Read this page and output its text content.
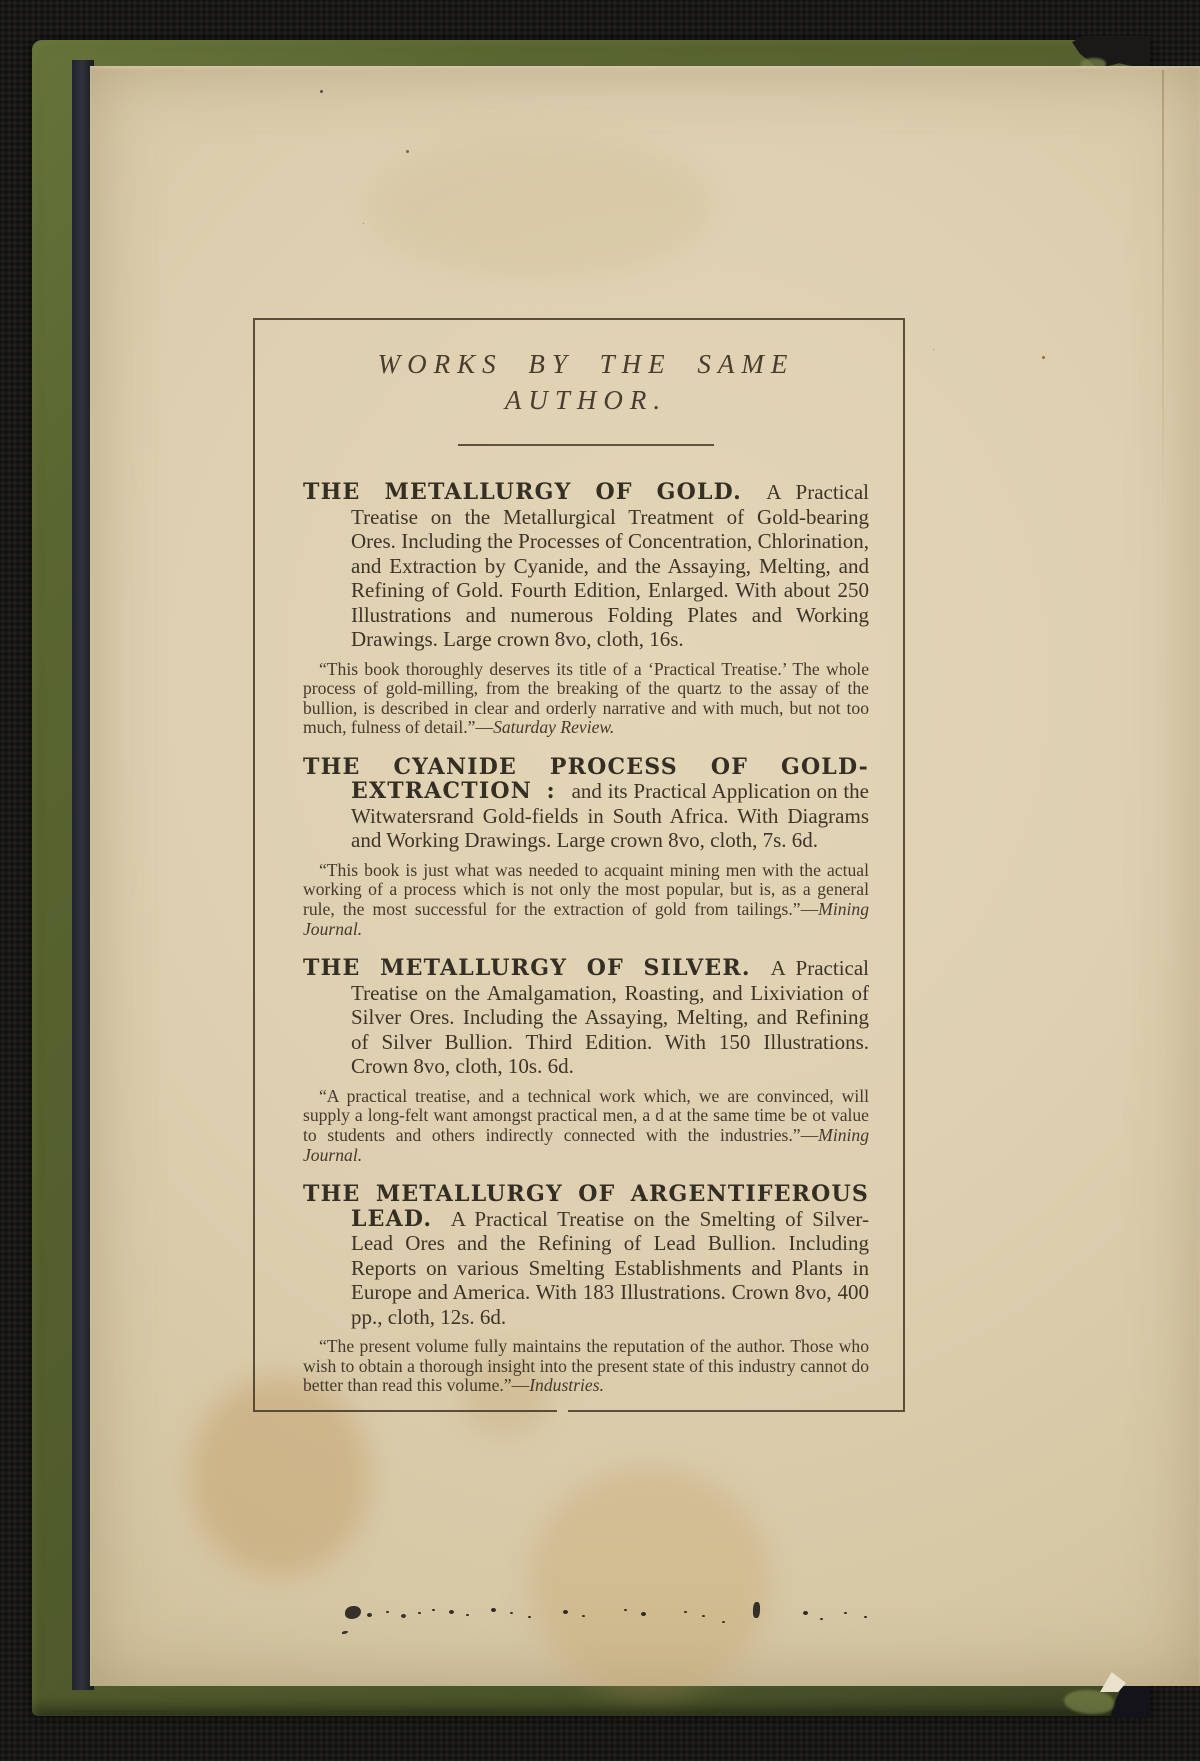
WORKS BY THE SAME AUTHOR.

THE METALLURGY OF GOLD. A Practical Treatise on the Metallurgical Treatment of Gold-bearing Ores. Including the Processes of Concentration, Chlorination, and Extraction by Cyanide, and the Assaying, Melting, and Refining of Gold. Fourth Edition, Enlarged. With about 250 Illustrations and numerous Folding Plates and Working Drawings. Large crown 8vo, cloth, 16s.

“This book thoroughly deserves its title of a ‘Practical Treatise.’ The whole process of gold-milling, from the breaking of the quartz to the assay of the bullion, is described in clear and orderly narrative and with much, but not too much, fulness of detail.”—Saturday Review.

THE CYANIDE PROCESS OF GOLD-EXTRACTION : and its Practical Application on the Witwatersrand Gold-fields in South Africa. With Diagrams and Working Drawings. Large crown 8vo, cloth, 7s. 6d.

“This book is just what was needed to acquaint mining men with the actual working of a process which is not only the most popular, but is, as a general rule, the most successful for the extraction of gold from tailings.”—Mining Journal.

THE METALLURGY OF SILVER. A Practical Treatise on the Amalgamation, Roasting, and Lixiviation of Silver Ores. Including the Assaying, Melting, and Refining of Silver Bullion. Third Edition. With 150 Illustrations. Crown 8vo, cloth, 10s. 6d.

“A practical treatise, and a technical work which, we are convinced, will supply a long-felt want amongst practical men, a d at the same time be ot value to students and others indirectly connected with the industries.”—Mining Journal.

THE METALLURGY OF ARGENTIFEROUS LEAD. A Practical Treatise on the Smelting of Silver-Lead Ores and the Refining of Lead Bullion. Including Reports on various Smelting Establishments and Plants in Europe and America. With 183 Illustrations. Crown 8vo, 400 pp., cloth, 12s. 6d.

“The present volume fully maintains the reputation of the author. Those who wish to obtain a thorough insight into the present state of this industry cannot do better than read this volume.”—Industries.
